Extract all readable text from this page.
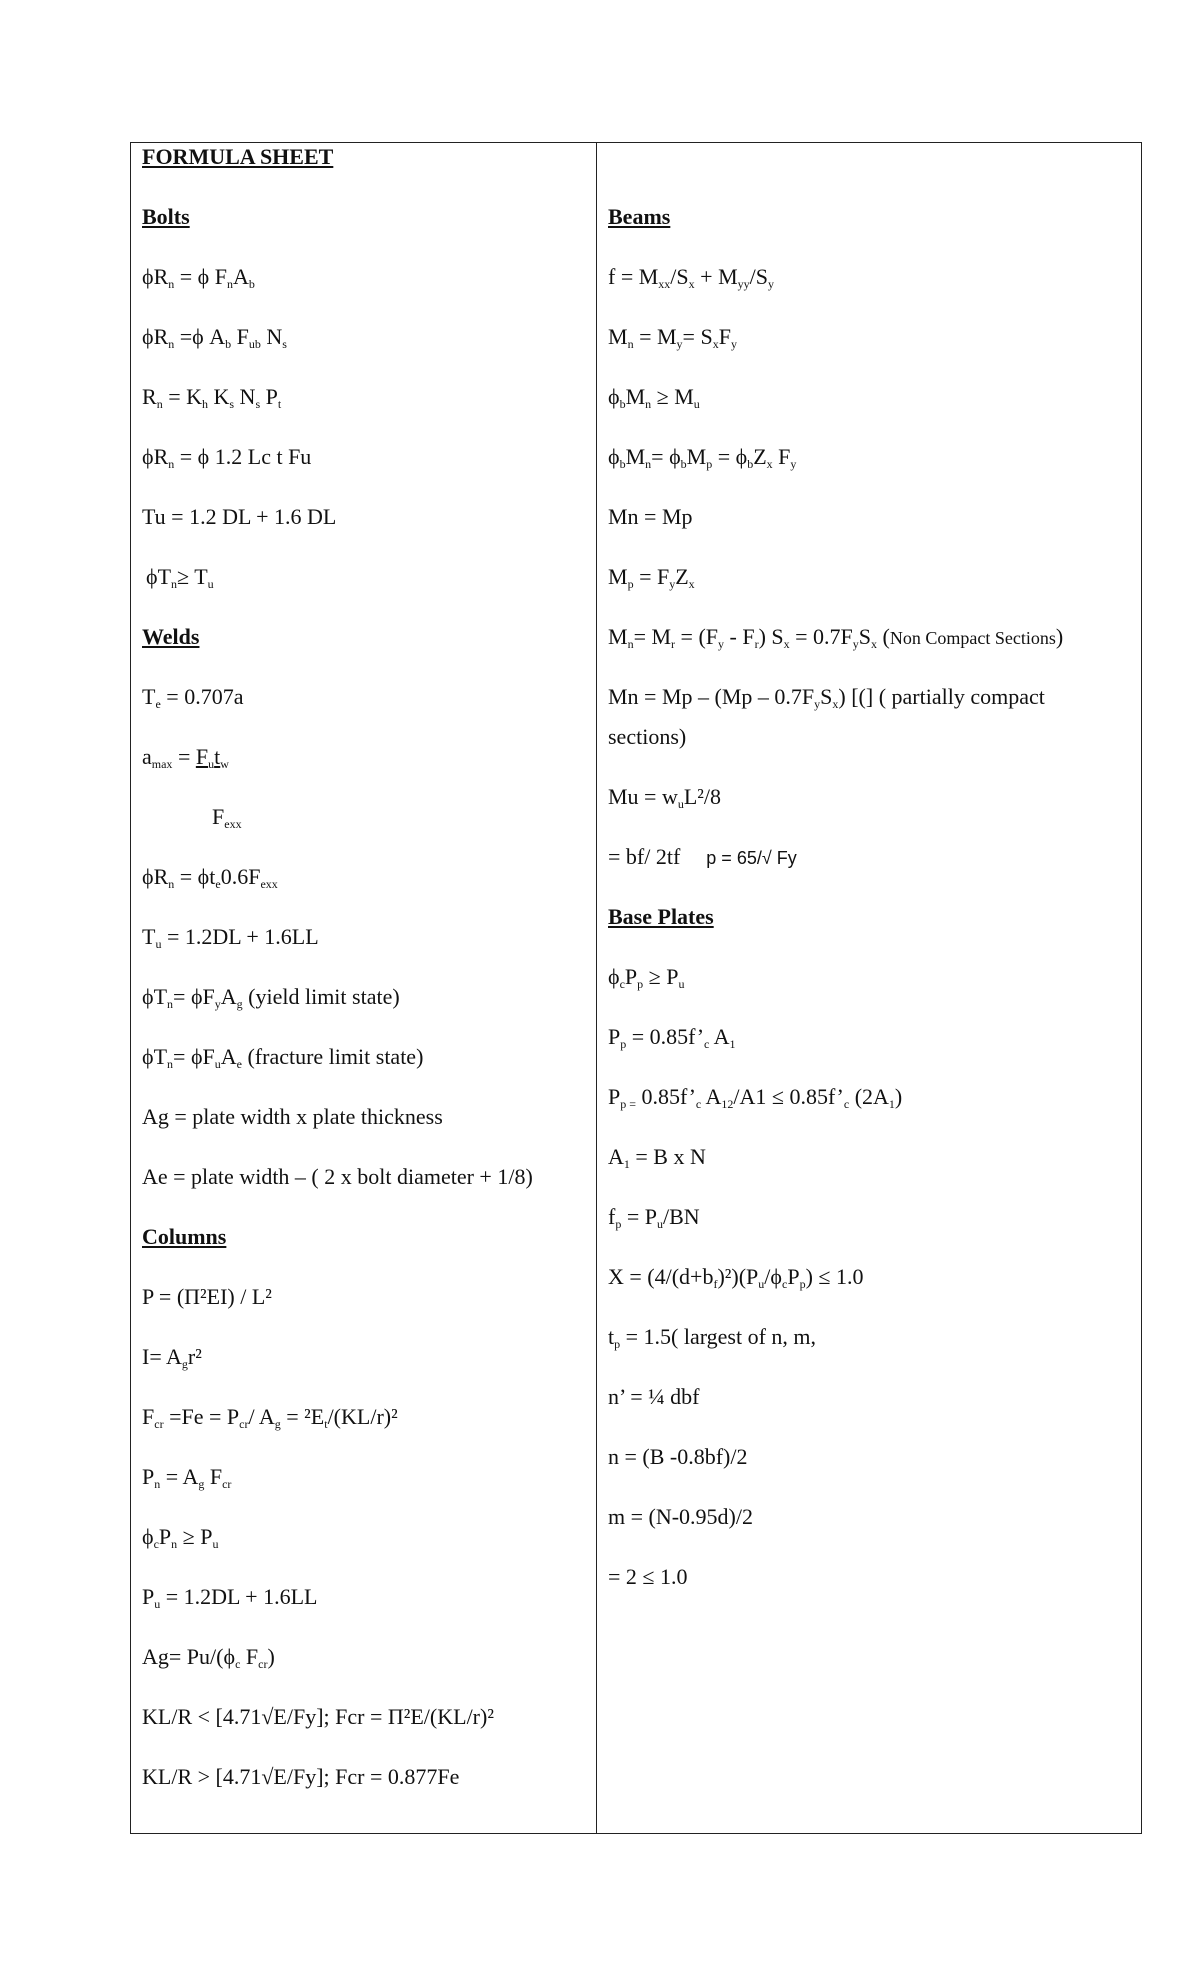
FORMULA SHEET
Bolts
$\phi R_n = \phi$ $F_nA_b$
$\phi R_n =\phi$ $A_b$ $F_{ub}$ $N_s$
$R_n = K_h$ $K_s$ $N_s$ $P_t$
$\phi R_n = \phi$ 1.2 Lc t Fu
Tu = 1.2 DL + 1.6 DL
$\phi T_n\ge T_u$
Welds
$T_e = 0.707a$
$a_{max} = F_ut_w$
$F_{exx}$
$\phi R_n = \phi t_e0.6F_{exx}$
$T_u = 1.2DL + 1.6LL$
$\phi T_n= \phi F_yA_g$ (yield limit state)
$\phi T_n= \phi F_uA_e$ (fracture limit state)
Ag = plate width x plate thickness
Ae = plate width – ( 2 x bolt diameter + 1/8)
Columns
P = (Π²EI) / L²
$I= A_gr^2$
$F_{cr} =Fe = P_{cr}/$ $A_g = ^2E_t/(KL/r)^2$
$P_n = A_g$ $F_{cr}$
$\phi_cP_n \ge P_u$
$P_u = 1.2DL + 1.6LL$
$Ag= Pu/(\phi_c$ $F_{cr}$)
KL/R < [4.71√E/Fy]; Fcr = Π²E/(KL/r)²
KL/R > [4.71√E/Fy]; Fcr = 0.877Fe
Beams
$f = M_{xx}/S_x + M_{yy}/S_y$
$M_n = M_y= S_xF_y$
$\phi_bM_n \ge M_u$
$\phi_bM_n= \phi_bM_p = \phi_bZ_x$ $F_y$
Mn = Mp
$M_p = F_yZ_x$
$M_n= M_r = (F_y - F_r) S_x = 0.7F_yS_x$ (Non Compact Sections)
$Mn = Mp - (Mp - 0.7F_yS_x)$ [(] ( partially compact
sections)
$Mu = w_uL^2/8$
= bf/ 2tf p = 65/√ Fy
Base Plates
$\phi_cP_p \ge P_u$
$P_p$ = $0.85f’_c$ $A_1$
$P_{p =}$ $0.85f’_c$ $A_{12}/A1$ ≤ $0.85f’_c$ $(2A_1)$
$A_1 = B$ x N
$f_p = P_u/BN$
$X = (4/(d+b_f)^2)(P_u/\phi_cP_p) \le 1.0$
$t_p = 1.5$( largest of n, m,
n’ = ¼ dbf
n = (B -0.8bf)/2
m = (N-0.95d)/2
= 2 ≤ 1.0
